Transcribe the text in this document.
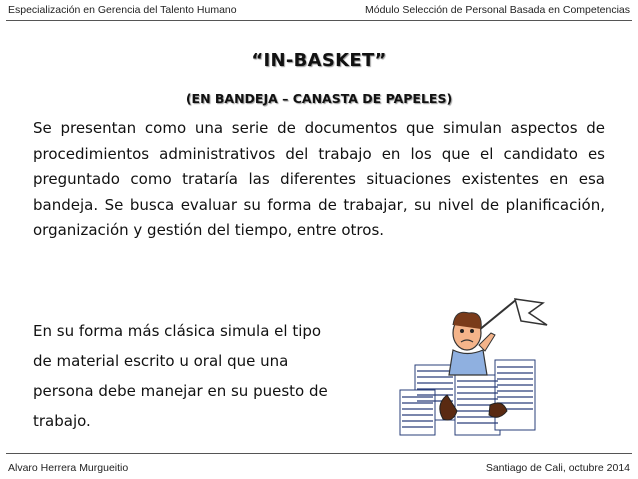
Especialización en Gerencia del Talento Humano	Módulo Selección de Personal Basada en Competencias
“IN-BASKET”
(EN BANDEJA – CANASTA DE PAPELES)
Se presentan como una serie de documentos que simulan aspectos de procedimientos administrativos del trabajo en los que el candidato es preguntado como trataría las diferentes situaciones existentes en esa bandeja. Se busca evaluar su forma de trabajar, su nivel de planificación, organización y gestión del tiempo, entre otros.
En su forma más clásica simula el tipo de material escrito u oral que una persona debe manejar en su puesto de trabajo.
Alvaro Herrera Murgueitio	Santiago de Cali, octubre 2014
